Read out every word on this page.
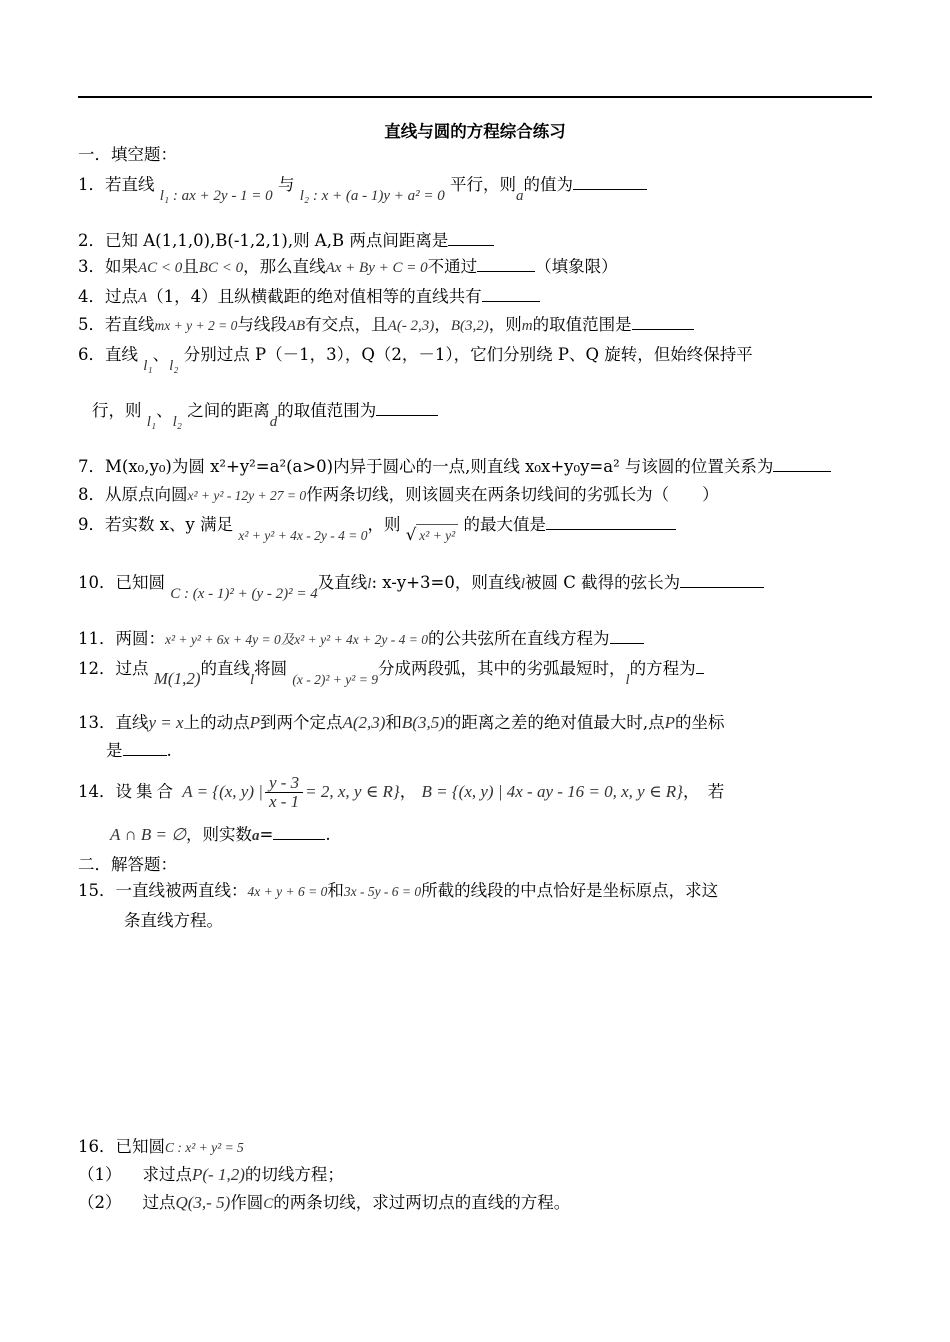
直线与圆的方程综合练习
一．填空题：
1．若直线 l₁ : ax + 2y - 1 = 0 与 l₂ : x + (a - 1)y + a² = 0 平行，则a的值为
2．已知 A(1,1,0),B(-1,2,1),则 A,B 两点间距离是
3．如果AC < 0且BC < 0，那么直线Ax + By + C = 0不通过	（填象限）
4．过点A（1，4）且纵横截距的绝对值相等的直线共有
5．若直线mx + y + 2 = 0与线段AB有交点，且A(- 2,3)，B(3,2)，则m的取值范围是
6．直线 l₁、l₂ 分别过点 P（－1，3），Q（2，－1），它们分别绕 P、Q 旋转，但始终保持平
行，则 l₁、l₂ 之间的距离d的取值范围为
7．M(x₀,y₀)为圆 x²+y²=a²(a>0)内异于圆心的一点,则直线 x₀x+y₀y=a² 与该圆的位置关系为
8．从原点向圆x² + y² - 12y + 27 = 0作两条切线，则该圆夹在两条切线间的劣弧长为（　　）
9．若实数 x、y 满足 $_{x^2 + y^2 + 4x - 2y - 4 = 0}$，则 √ x² + y² 的最大值是
10．已知圆 C : (x - 1)² + (y - 2)² = 4及直线l: x-y+3=0，则直线l被圆 C 截得的弦长为
11．两圆：x² + y² + 6x + 4y = 0及x² + y² + 4x + 2y - 4 = 0的公共弦所在直线方程为
12．过点 M(1,2)的直线l将圆 $_{(x - 2)^2 + y^2 = 9}$分成两段弧，其中的劣弧最短时，l的方程为
13．直线y = x上的动点P到两个定点A(2,3)和B(3,5)的距离之差的绝对值最大时,点P的坐标
是	.
14．设集合 A = {(x, y) | $\frac{y - 3}{x - 1} = 2$, x, y ∈ R}， B = {(x, y) | 4x - ay - 16 = 0, x, y ∈ R}，　若
A ∩ B = ∅，则实数a=	.
二．解答题：
15．一直线被两直线：4x + y + 6 = 0和3x - 5y - 6 = 0所截的线段的中点恰好是坐标原点，求这
条直线方程。
16．已知圆C : x² + y² = 5
（1） 求过点P(- 1,2)的切线方程；
（2） 过点Q(3,- 5)作圆C的两条切线，求过两切点的直线的方程。
